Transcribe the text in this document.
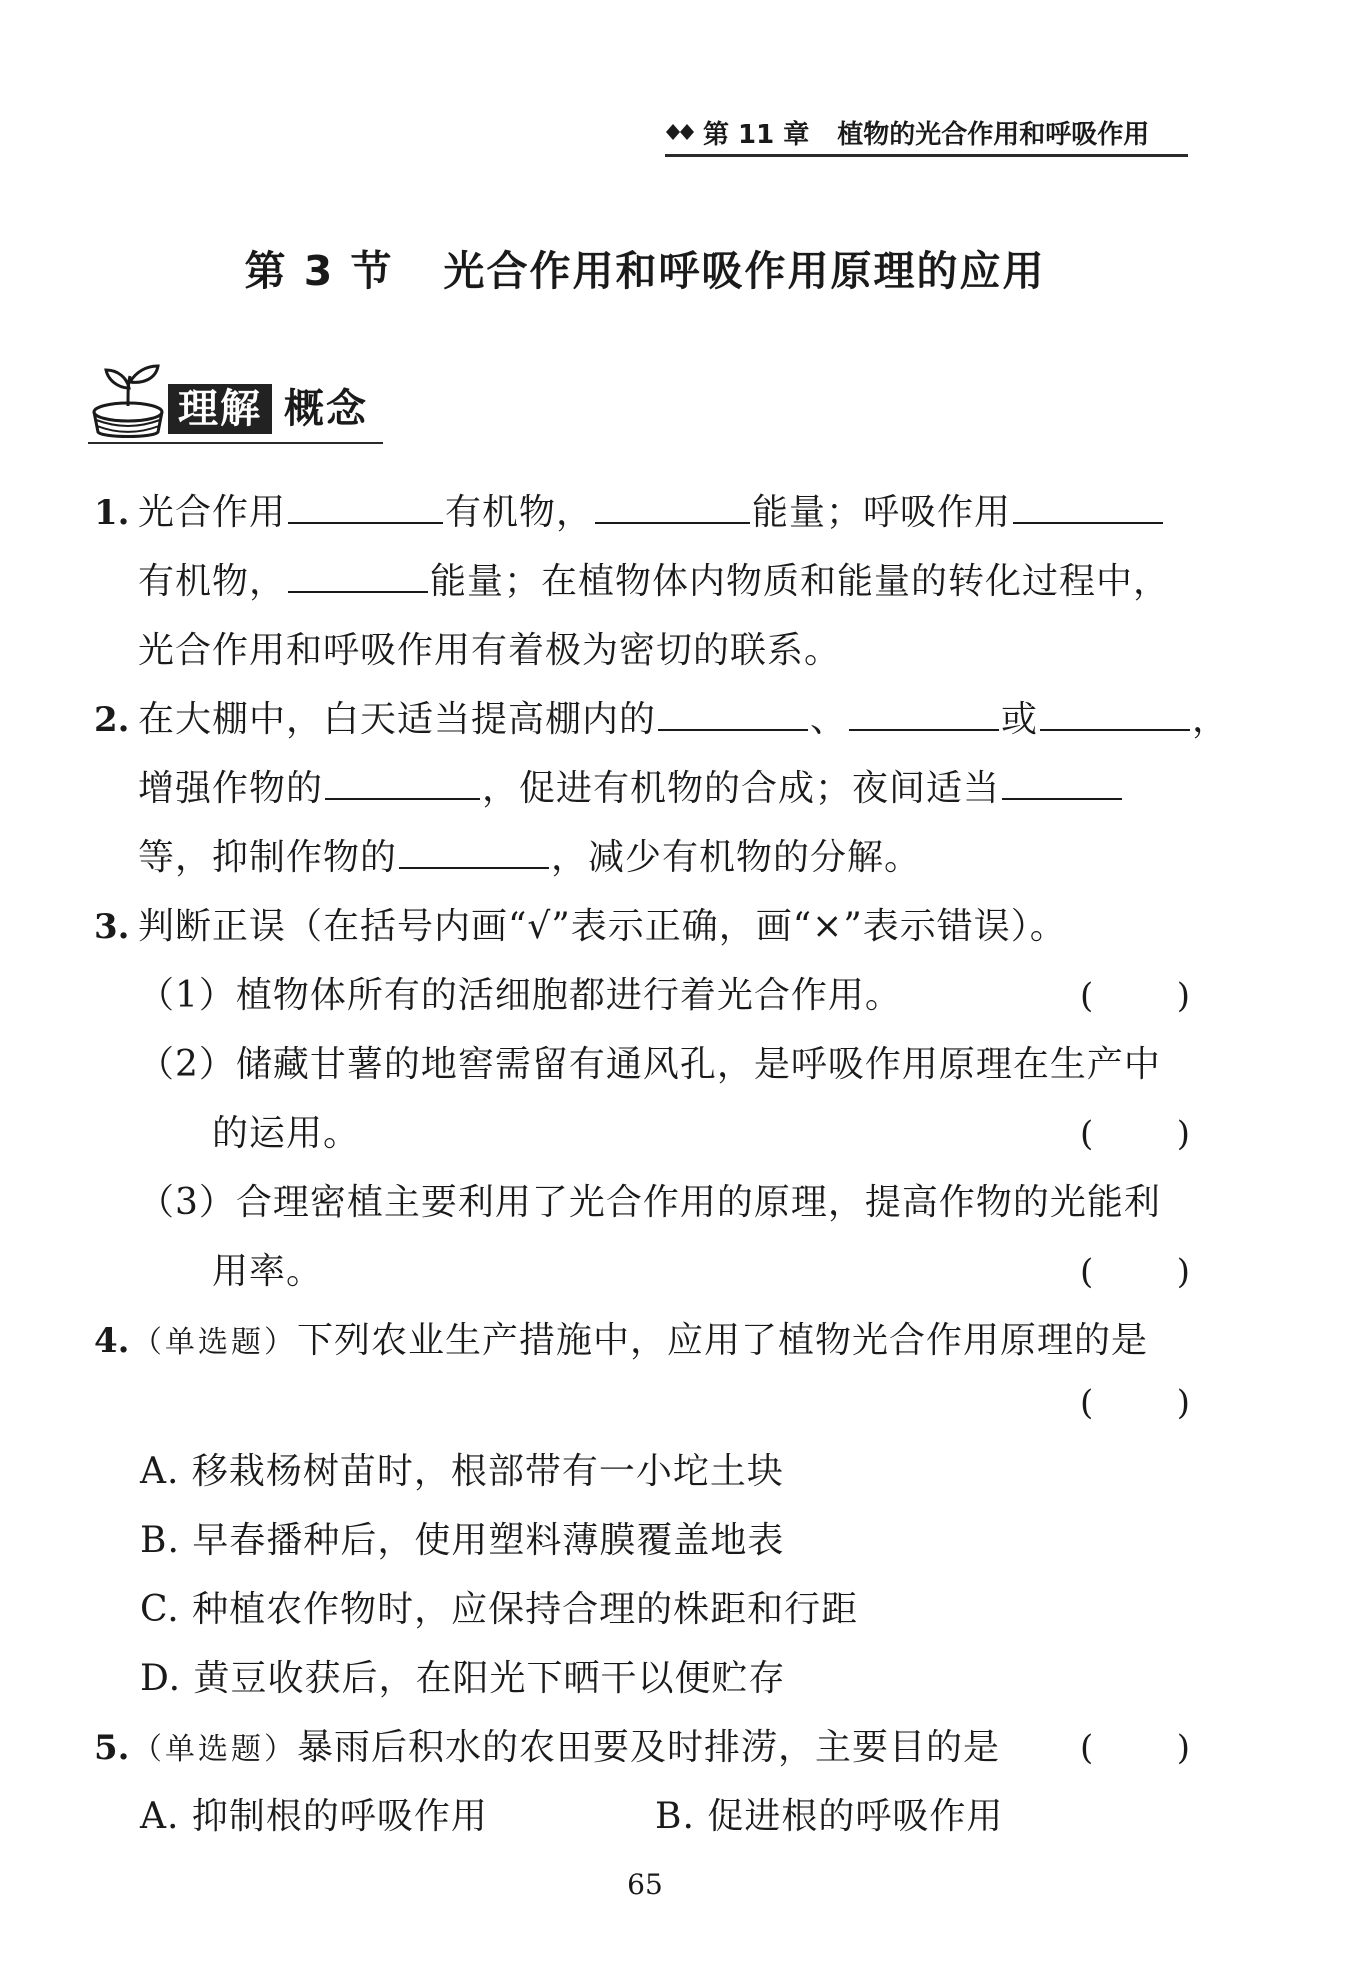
第 11 章 植物的光合作用和呼吸作用
第 3 节 光合作用和呼吸作用原理的应用
理解 概念
1. 光合作用	有机物，	能量；呼吸作用
有机物，	能量；在植物体内物质和能量的转化过程中，
光合作用和呼吸作用有着极为密切的联系。
2. 在大棚中，白天适当提高棚内的	、	或	，
增强作物的	，促进有机物的合成；夜间适当
等，抑制作物的	，减少有机物的分解。
3. 判断正误（在括号内画“√”表示正确，画“×”表示错误）。
（1）植物体所有的活细胞都进行着光合作用。	( )
（2）储藏甘薯的地窖需留有通风孔，是呼吸作用原理在生产中
的运用。	( )
（3）合理密植主要利用了光合作用的原理，提高作物的光能利
用率。	( )
4. （单选题）下列农业生产措施中，应用了植物光合作用原理的是
( )
A. 移栽杨树苗时，根部带有一小坨土块
B. 早春播种后，使用塑料薄膜覆盖地表
C. 种植农作物时，应保持合理的株距和行距
D. 黄豆收获后，在阳光下晒干以便贮存
5. （单选题）暴雨后积水的农田要及时排涝，主要目的是 ( )
A. 抑制根的呼吸作用	B. 促进根的呼吸作用
65
